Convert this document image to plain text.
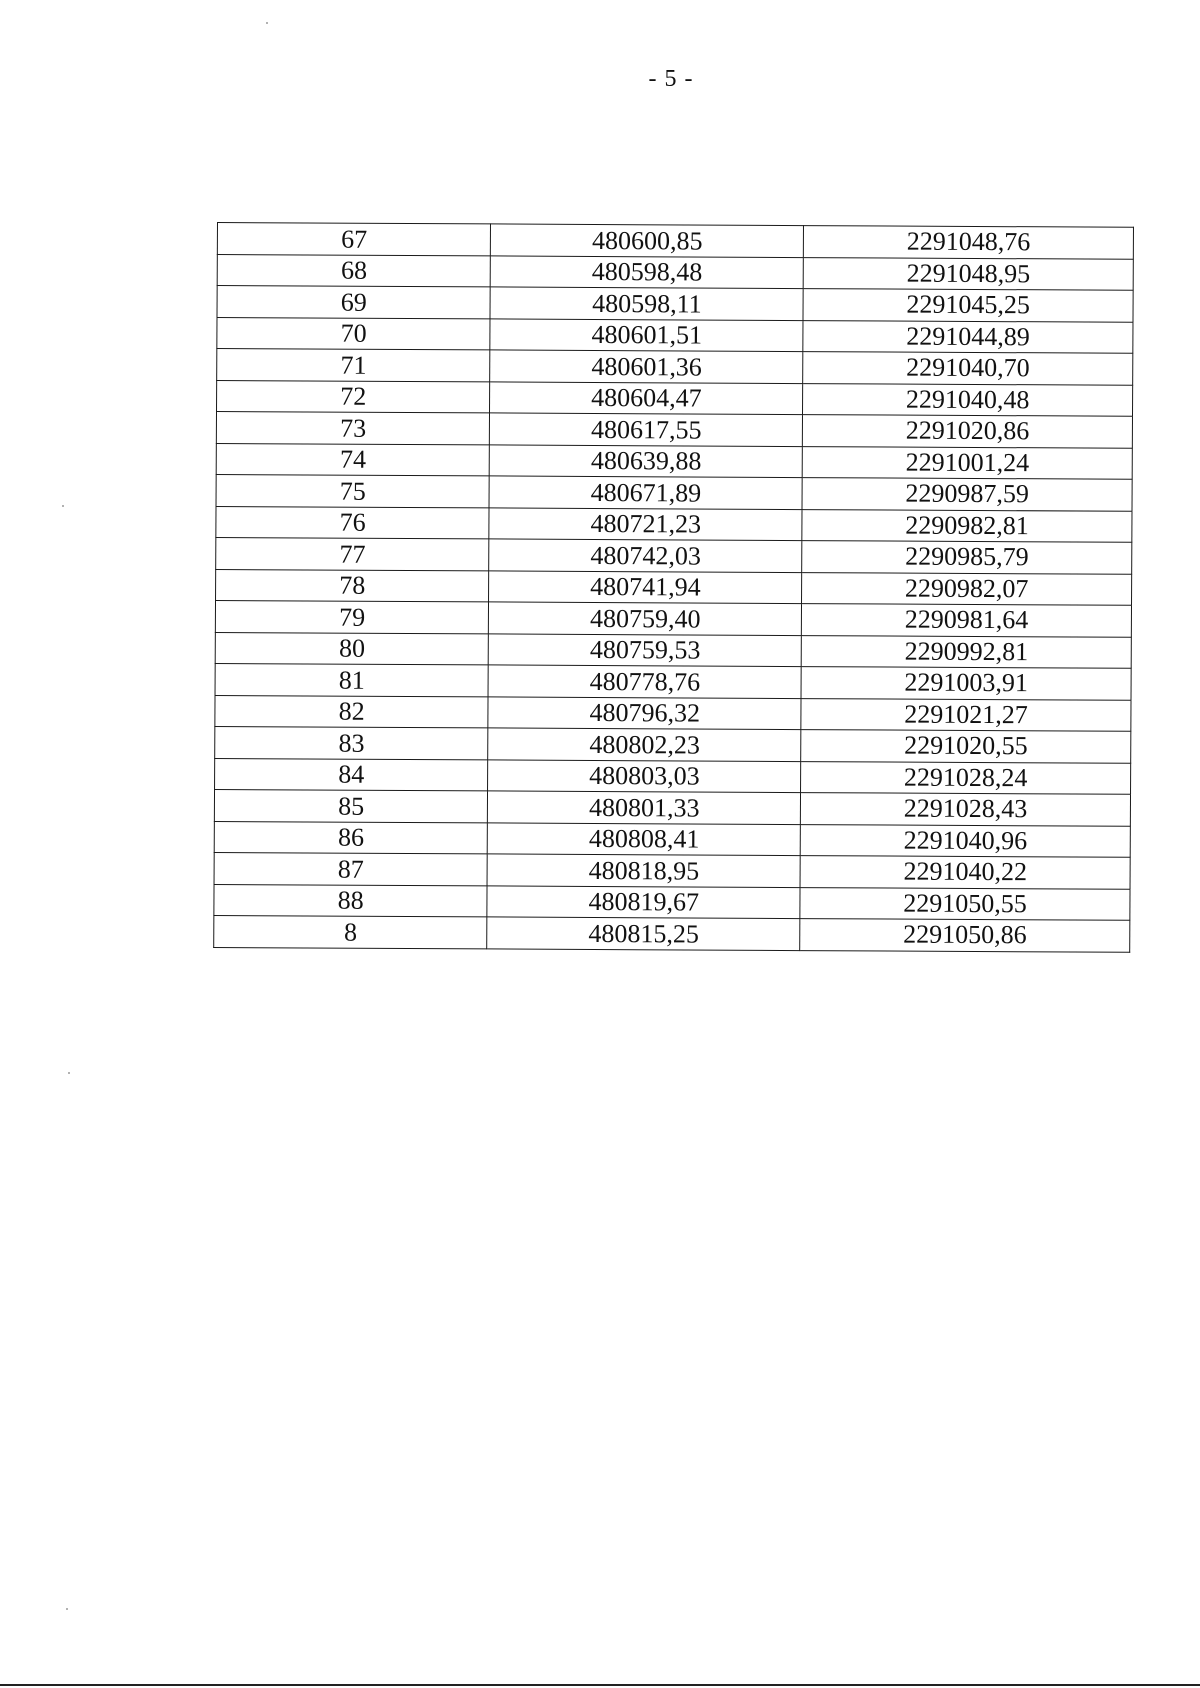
- 5 -
67	480600,85	2291048,76
68	480598,48	2291048,95
69	480598,11	2291045,25
70	480601,51	2291044,89
71	480601,36	2291040,70
72	480604,47	2291040,48
73	480617,55	2291020,86
74	480639,88	2291001,24
75	480671,89	2290987,59
76	480721,23	2290982,81
77	480742,03	2290985,79
78	480741,94	2290982,07
79	480759,40	2290981,64
80	480759,53	2290992,81
81	480778,76	2291003,91
82	480796,32	2291021,27
83	480802,23	2291020,55
84	480803,03	2291028,24
85	480801,33	2291028,43
86	480808,41	2291040,96
87	480818,95	2291040,22
88	480819,67	2291050,55
8	480815,25	2291050,86
